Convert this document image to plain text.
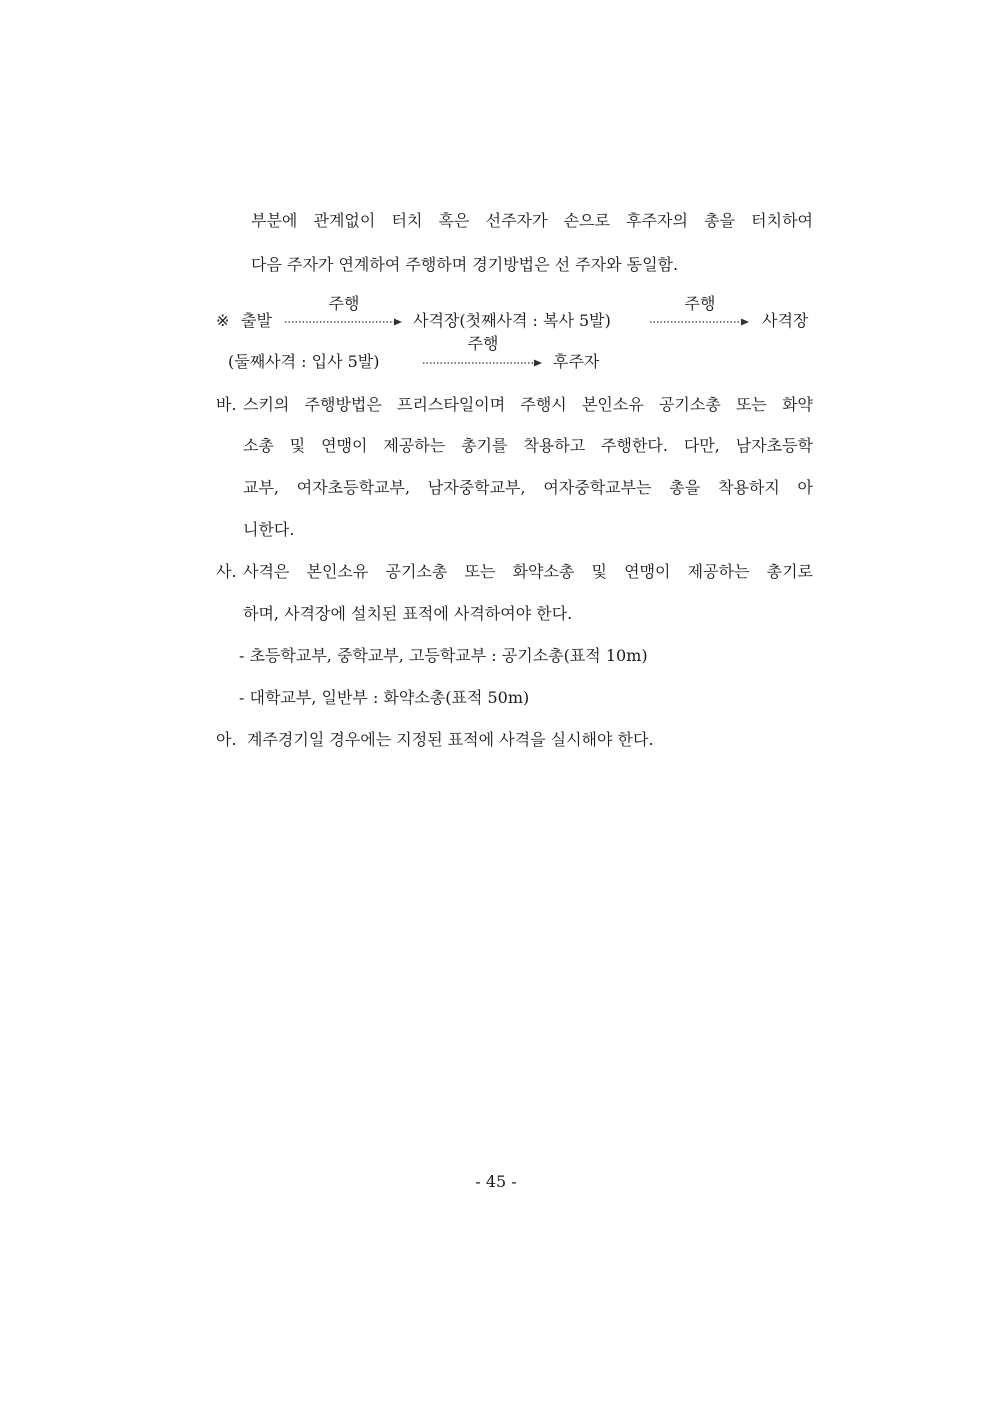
부분에 관계없이 터치 혹은 선주자가 손으로 후주자의 총을 터치하여
다음 주자가 연계하여 주행하며 경기방법은 선 주자와 동일함.
※ 출발
주행
사격장(첫째사격 : 복사 5발)
주행
사격장
(둘째사격 : 입사 5발)
주행
후주자
바. 스키의 주행방법은 프리스타일이며 주행시 본인소유 공기소총 또는 화약
소총 및 연맹이 제공하는 총기를 착용하고 주행한다. 다만, 남자초등학
교부, 여자초등학교부, 남자중학교부, 여자중학교부는 총을 착용하지 아
니한다.
사. 사격은 본인소유 공기소총 또는 화약소총 및 연맹이 제공하는 총기로
하며, 사격장에 설치된 표적에 사격하여야 한다.
- 초등학교부, 중학교부, 고등학교부 : 공기소총(표적 10m)
- 대학교부, 일반부 : 화약소총(표적 50m)
아. 계주경기일 경우에는 지정된 표적에 사격을 실시해야 한다.
- 45 -
